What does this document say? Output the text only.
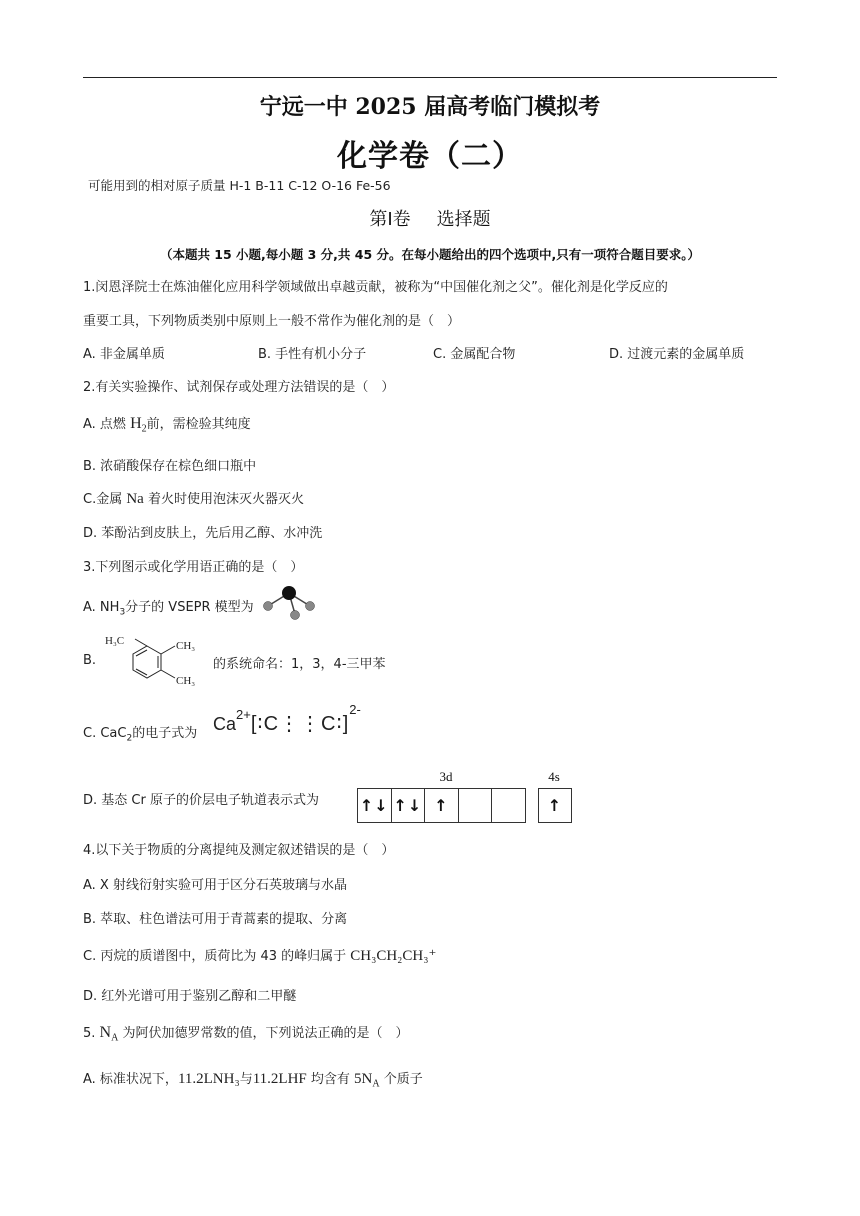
宁远一中 2025 届高考临门模拟考
化学卷（二）
可能用到的相对原子质量 H-1 B-11 C-12 O-16 Fe-56
第Ⅰ卷 选择题
（本题共 15 小题,每小题 3 分,共 45 分。在每小题给出的四个选项中,只有一项符合题目要求。）
1.闵恩泽院士在炼油催化应用科学领域做出卓越贡献，被称为“中国催化剂之父”。催化剂是化学反应的
重要工具，下列物质类别中原则上一般不常作为催化剂的是（　）
A. 非金属单质	B. 手性有机小分子	C. 金属配合物	D. 过渡元素的金属单质
2.有关实验操作、试剂保存或处理方法错误的是（　）
A. 点燃 $H_2$前，需检验其纯度
B. 浓硝酸保存在棕色细口瓶中
C.金属 Na 着火时使用泡沫灭火器灭火
D. 苯酚沾到皮肤上，先后用乙醇、水冲洗
3.下列图示或化学用语正确的是（　）
A. $NH_3$分子的 VSEPR 模型为
B.
H₃C	CH₃
CH₃
的系统命名：1，3，4-三甲苯
C. CaC$_2$的电子式为 $Ca^{2+}[∶C⋮⋮C∶]^{2-}$
D. 基态 Cr 原子的价层电子轨道表示式为
3d	4s
↑↓ ↑↓ ↑	↑
4.以下关于物质的分离提纯及测定叙述错误的是（　）
A. X 射线衍射实验可用于区分石英玻璃与水晶
B. 萃取、柱色谱法可用于青蒿素的提取、分离
C. 丙烷的质谱图中，质荷比为 43 的峰归属于 CH₃CH₂CH₃⁺
D. 红外光谱可用于鉴别乙醇和二甲醚
5. $N_A$ 为阿伏加德罗常数的值，下列说法正确的是（　）
A. 标准状况下，11.2LNH₃与11.2LHF 均含有 $5N_A$ 个质子
